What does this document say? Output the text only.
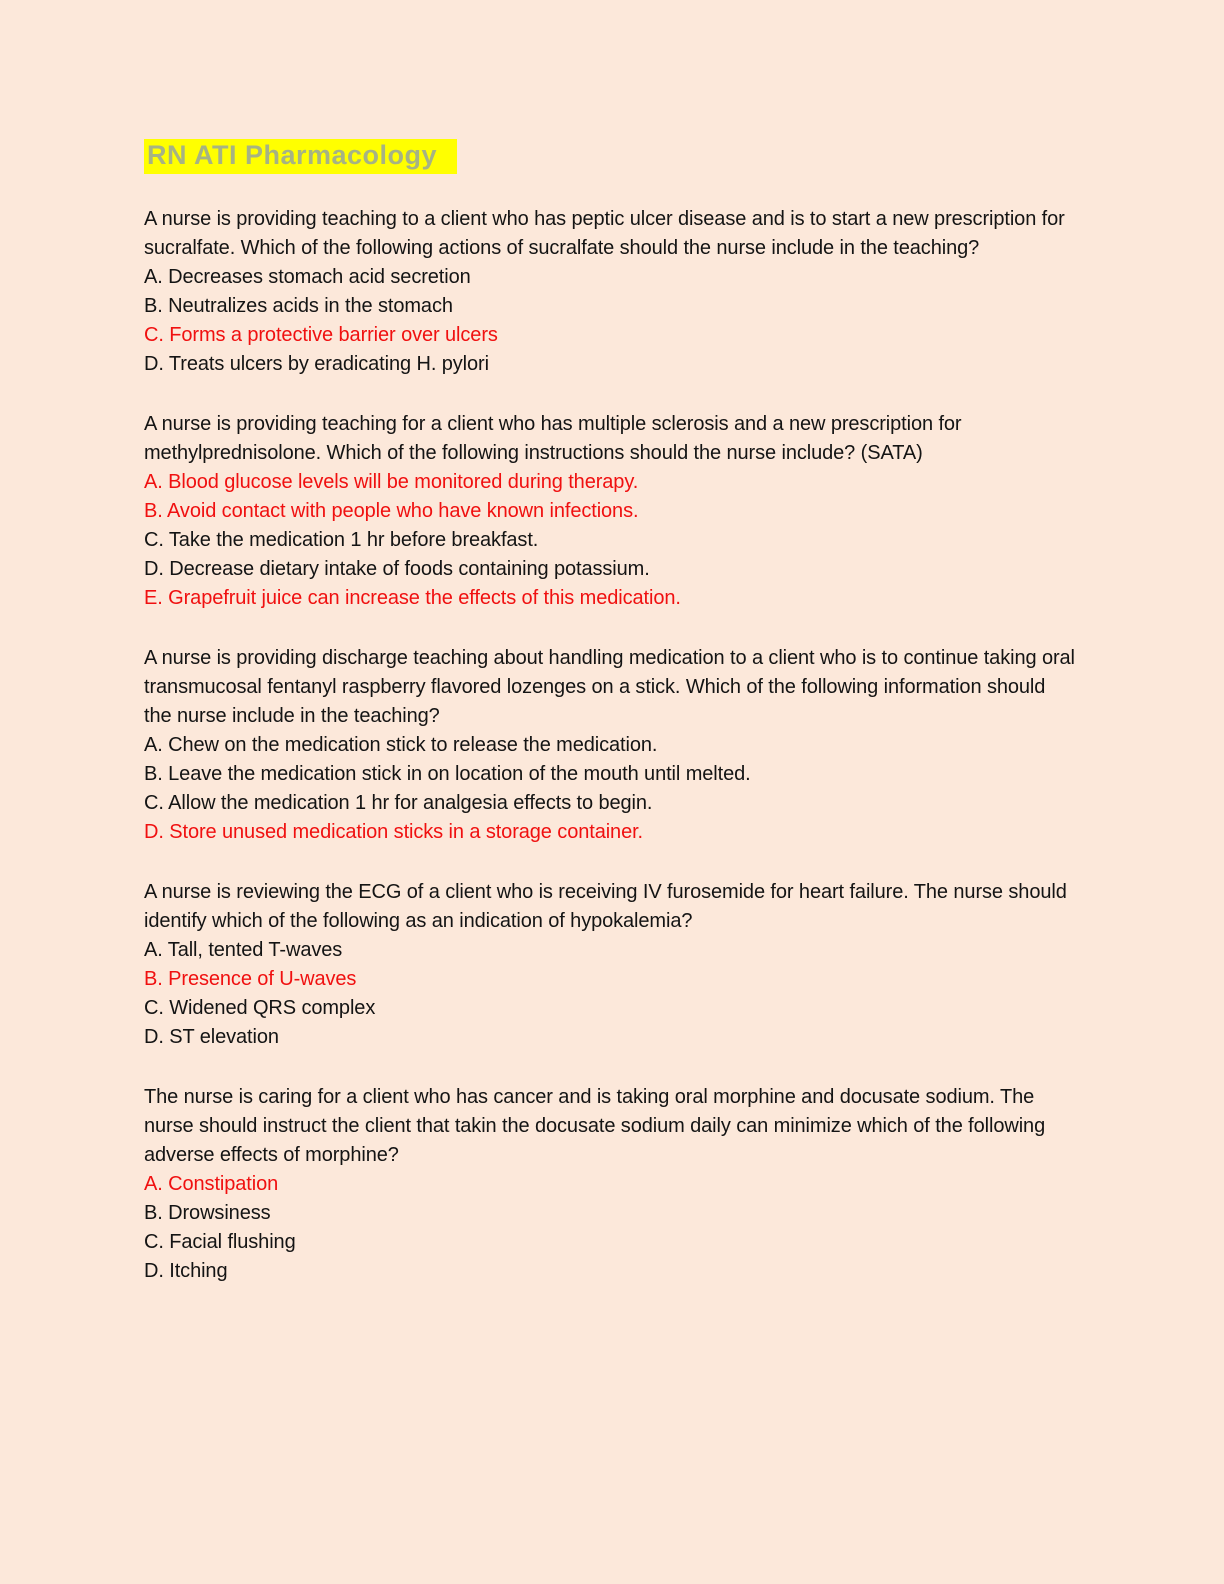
RN ATI Pharmacology

A nurse is providing teaching to a client who has peptic ulcer disease and is to start a new prescription for sucralfate. Which of the following actions of sucralfate should the nurse include in the teaching?

A. Decreases stomach acid secretion
B. Neutralizes acids in the stomach
C. Forms a protective barrier over ulcers
D. Treats ulcers by eradicating H. pylori

A nurse is providing teaching for a client who has multiple sclerosis and a new prescription for methylprednisolone. Which of the following instructions should the nurse include? (SATA)

A. Blood glucose levels will be monitored during therapy.
B. Avoid contact with people who have known infections.
C. Take the medication 1 hr before breakfast.
D. Decrease dietary intake of foods containing potassium.
E. Grapefruit juice can increase the effects of this medication.

A nurse is providing discharge teaching about handling medication to a client who is to continue taking oral transmucosal fentanyl raspberry flavored lozenges on a stick. Which of the following information should the nurse include in the teaching?

A. Chew on the medication stick to release the medication.
B. Leave the medication stick in on location of the mouth until melted.
C. Allow the medication 1 hr for analgesia effects to begin.
D. Store unused medication sticks in a storage container.

A nurse is reviewing the ECG of a client who is receiving IV furosemide for heart failure. The nurse should identify which of the following as an indication of hypokalemia?

A. Tall, tented T-waves
B. Presence of U-waves
C. Widened QRS complex
D. ST elevation

The nurse is caring for a client who has cancer and is taking oral morphine and docusate sodium. The nurse should instruct the client that takin the docusate sodium daily can minimize which of the following adverse effects of morphine?

A. Constipation
B. Drowsiness
C. Facial flushing
D. Itching
